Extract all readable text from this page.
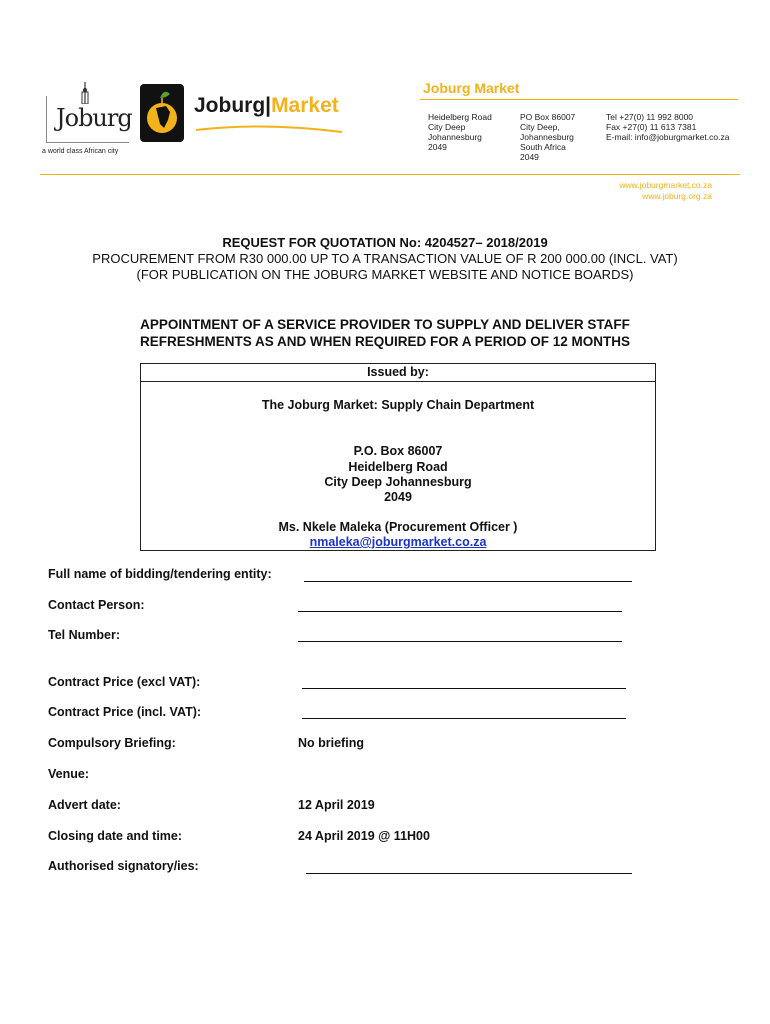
Joburg
a world class African city
Joburg|Market
Joburg Market
Heidelberg Road
City Deep
Johannesburg
2049
PO Box 86007
City Deep,
Johannesburg
South Africa
2049
Tel +27(0) 11 992 8000
Fax +27(0) 11 613 7381
E-mail: info@joburgmarket.co.za
www.joburgmarket.co.za
www.joburg.org.za
REQUEST FOR QUOTATION No: 4204527– 2018/2019
PROCUREMENT FROM R30 000.00 UP TO A TRANSACTION VALUE OF R 200 000.00 (INCL. VAT)
(FOR PUBLICATION ON THE JOBURG MARKET WEBSITE AND NOTICE BOARDS)
APPOINTMENT OF A SERVICE PROVIDER TO SUPPLY AND DELIVER STAFF
REFRESHMENTS AS AND WHEN REQUIRED FOR A PERIOD OF 12 MONTHS
Issued by:
The Joburg Market: Supply Chain Department
P.O. Box 86007
Heidelberg Road
City Deep Johannesburg
2049
Ms. Nkele Maleka (Procurement Officer )
nmaleka@joburgmarket.co.za
Full name of bidding/tendering entity:
Contact Person:
Tel Number:
Contract Price (excl VAT):
Contract Price (incl. VAT):
Compulsory Briefing:	No briefing
Venue:
Advert date:	12 April 2019
Closing date and time:	24 April 2019 @ 11H00
Authorised signatory/ies:
